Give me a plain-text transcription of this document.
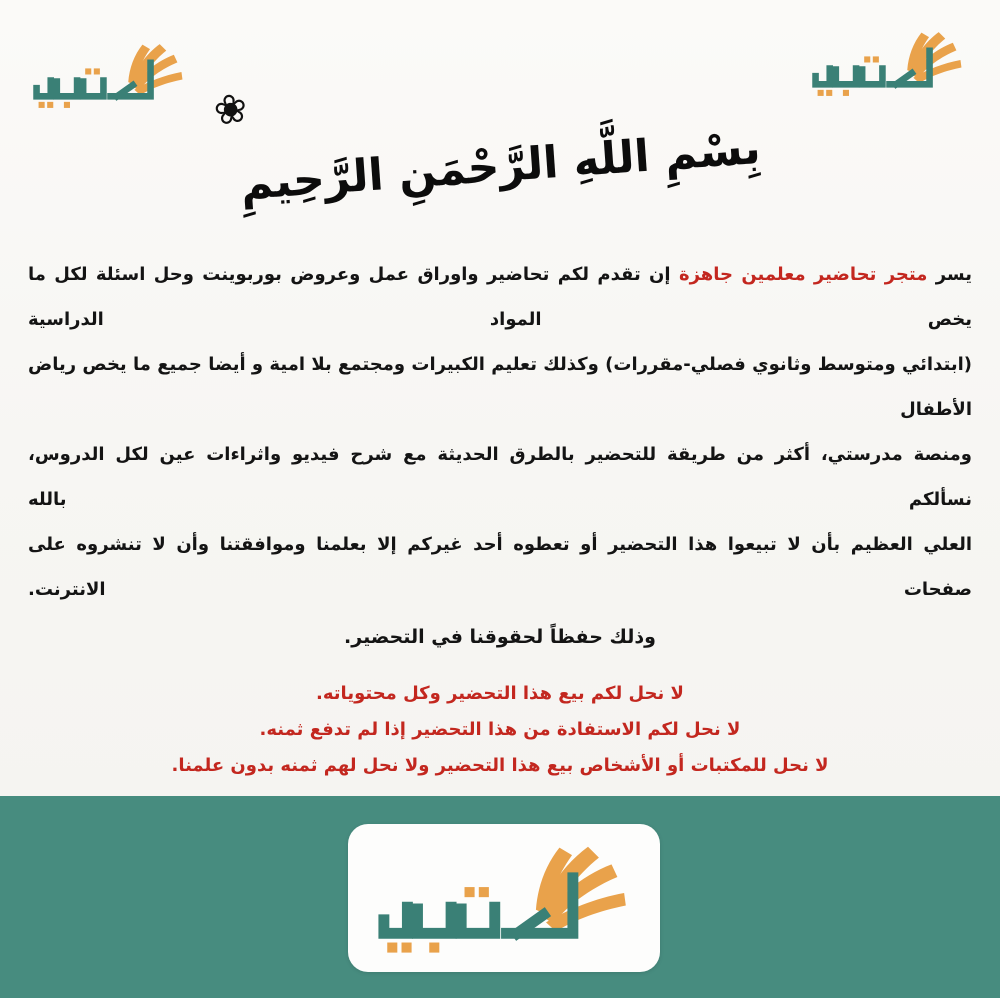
❀
بِسْمِ اللَّهِ الرَّحْمَنِ الرَّحِيمِ
يسر متجر تحاضير معلمين جاهزة إن تقدم لكم تحاضير واوراق عمل وعروض بوربوينت وحل اسئلة لكل ما يخص المواد الدراسية
(ابتدائي ومتوسط وثانوي فصلي-مقررات) وكذلك تعليم الكبيرات ومجتمع بلا امية و أيضا جميع ما يخص رياض الأطفال
ومنصة مدرستي، أكثر من طريقة للتحضير بالطرق الحديثة مع شرح فيديو واثراءات عين لكل الدروس، نسألكم بالله
العلي العظيم بأن لا تبيعوا هذا التحضير أو تعطوه أحد غيركم إلا بعلمنا وموافقتنا وأن لا تنشروه على صفحات الانترنت.
وذلك حفظاً لحقوقنا في التحضير.
لا نحل لكم بيع هذا التحضير وكل محتوياته.
لا نحل لكم الاستفادة من هذا التحضير إذا لم تدفع ثمنه.
لا نحل للمكتبات أو الأشخاص بيع هذا التحضير ولا نحل لهم ثمنه بدون علمنا.
